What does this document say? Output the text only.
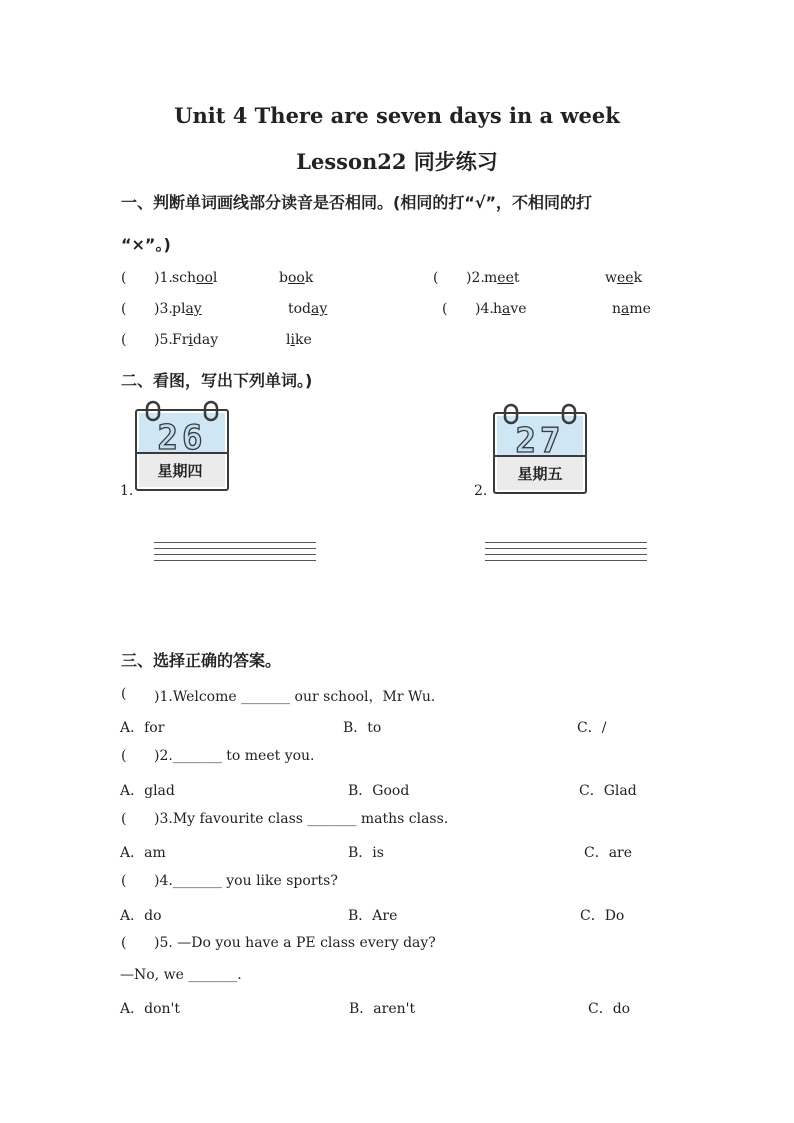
Unit 4 There are seven days in a week
Lesson22 同步练习
一、判断单词画线部分读音是否相同。(相同的打“√”，不相同的打
“×”。)
( )1. school	book	( )2. meet	week
( )3. play	today	( )4. have	name
( )5. Friday	like
二、看图，写出下列单词。)
1.	2.
26
星期四
27
星期五
三、选择正确的答案。
( )1.Welcome _______ our school，Mr Wu.
A．for	B．to	C．/
( )2._______ to meet you.
A．glad	B．Good	C．Glad
( )3.My favourite class _______ maths class.
A．am	B．is	C．are
( )4._______ you like sports?
A．do	B．Are	C．Do
( )5. —Do you have a PE class every day?
—No, we _______.
A．don't	B．aren't	C．do
